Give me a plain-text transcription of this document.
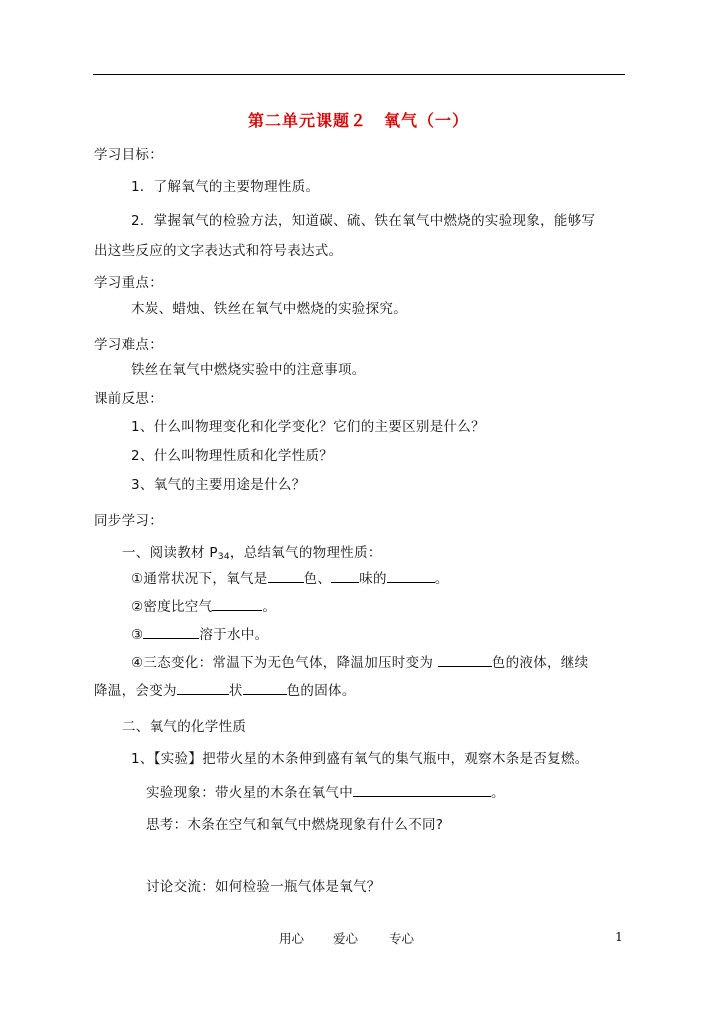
第二单元课题２　氧气（一）
学习目标：
1．了解氧气的主要物理性质。
2．掌握氧气的检验方法，知道碳、硫、铁在氧气中燃烧的实验现象，能够写
出这些反应的文字表达式和符号表达式。
学习重点：
木炭、蜡烛、铁丝在氧气中燃烧的实验探究。
学习难点：
铁丝在氧气中燃烧实验中的注意事项。
课前反思：
1、什么叫物理变化和化学变化？它们的主要区别是什么？
2、什么叫物理性质和化学性质？
3、氧气的主要用途是什么？
同步学习：
一、阅读教材 $P_{34}$，总结氧气的物理性质：
①通常状况下，氧气是	色、 味的	。
②密度比空气	。
③	溶于水中。
④三态变化：常温下为无色气体，降温加压时变为	色的液体，继续
降温，会变为	状	色的固体。
二、氧气的化学性质
1、【实验】把带火星的木条伸到盛有氧气的集气瓶中，观察木条是否复燃。
实验现象：带火星的木条在氧气中	。
思考：木条在空气和氧气中燃烧现象有什么不同?
讨论交流：如何检验一瓶气体是氧气？
用心 爱心 专心	1
